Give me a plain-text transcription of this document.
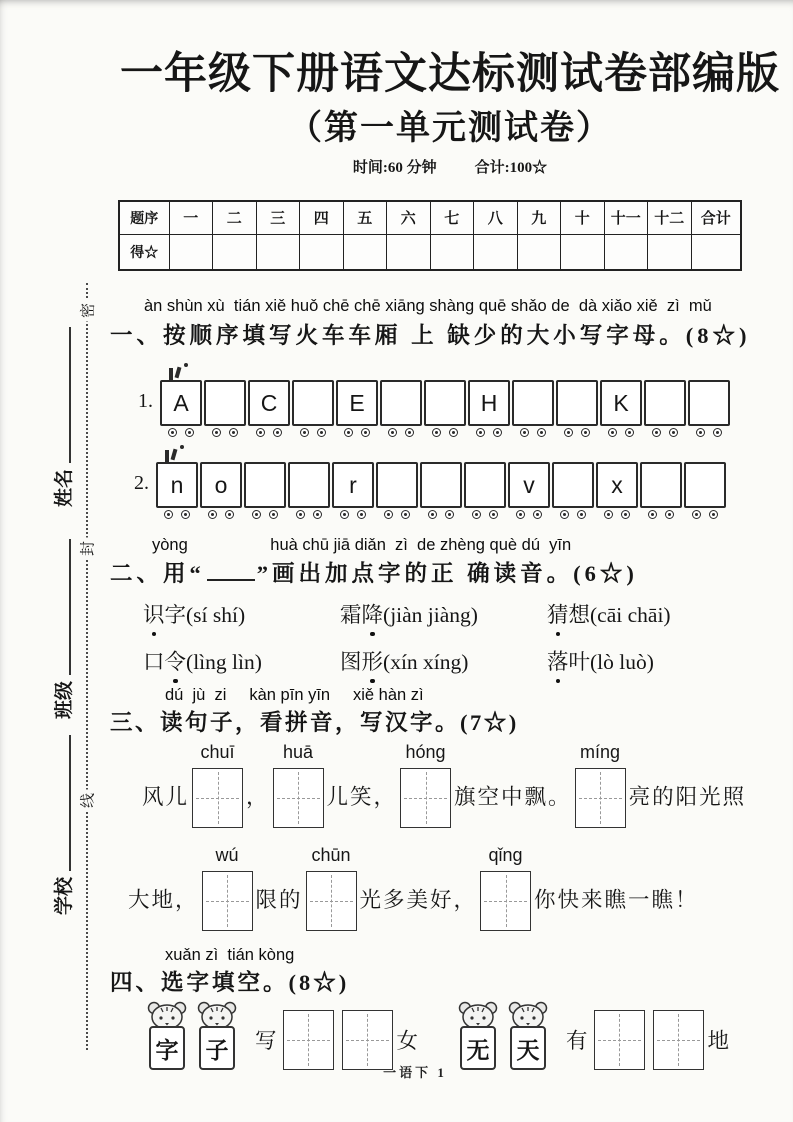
密
封
线
姓名
班级
学校
一年级下册语文达标测试卷部编版
（第一单元测试卷）
时间:60 分钟	合计:100☆
题序	一	二	三	四	五	六	七	八	九	十	十一	十二	合计
得☆													
àn shùn xù  tián xiě huǒ chē chē xiāng shàng quē shǎo de  dà xiǎo xiě  zì  mǔ
一、按顺序填写火车车厢 上 缺少的大小写字母。(8☆)
1. A	C	E	H	K
2. n o	r	v	x
yòng                  huà chū jiā diǎn  zì  de zhèng què dú  yīn
二、用“ ”画出加点字的正 确读音。(6☆)
识字(sí shí)	霜降(jiàn jiàng)	猜想(cāi chāi)
口令(lìng lìn)	图形(xín xíng)	落叶(lò luò)
dú  jù  zi     kàn pīn yīn     xiě hàn zì
三、读句子，看拼音，写汉字。(7☆)
风儿
chuī
，
huā
儿笑，
hóng
旗空中飘。
míng
亮的阳光照
大地，
wú
限的
chūn
光多美好，
qǐng
你快来瞧一瞧！
xuǎn zì  tián kòng
四、选字填空。(8☆)
字 子	写	女 无 天	有	地
一语下 1
